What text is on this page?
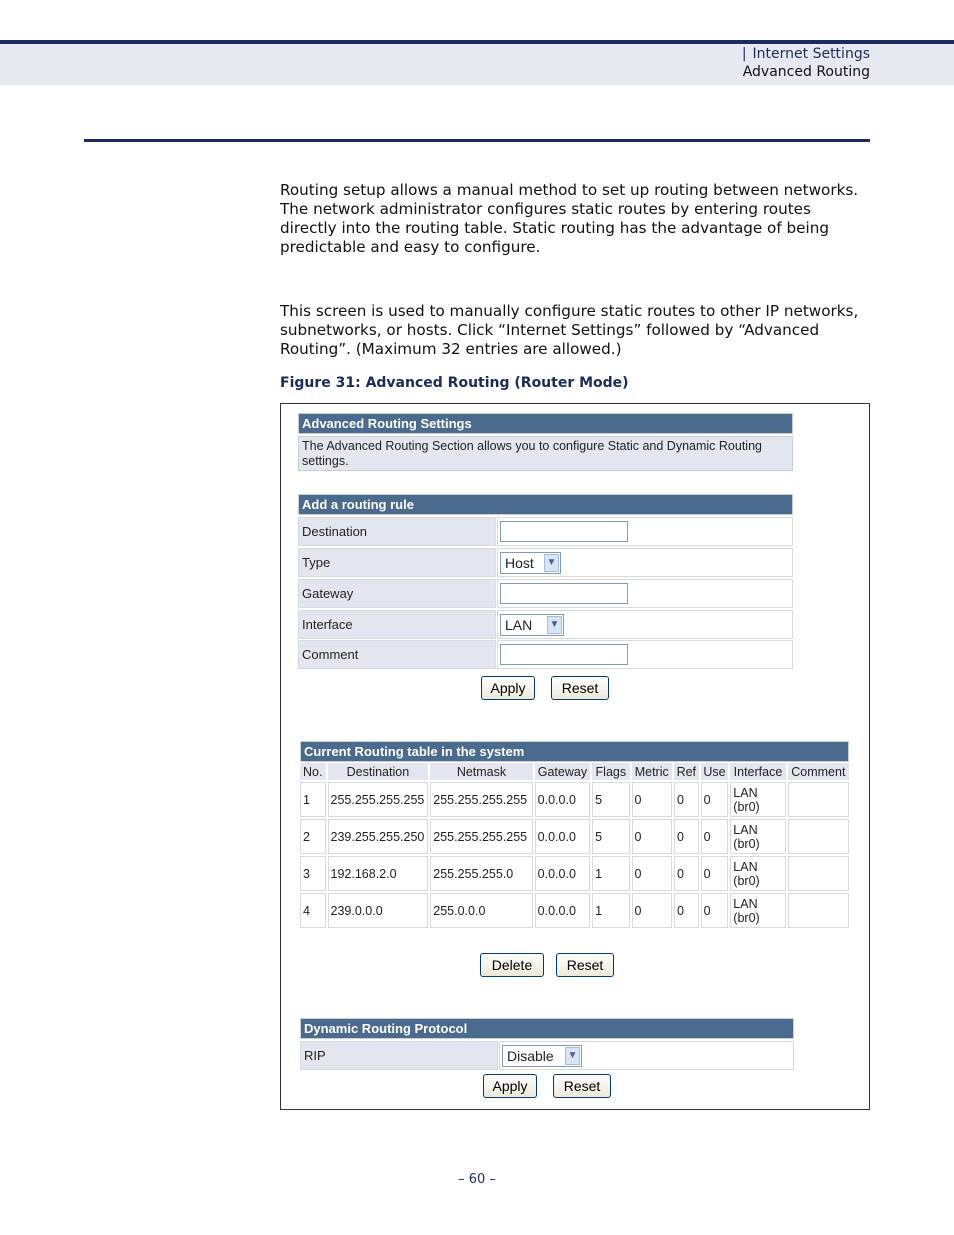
| Internet Settings
Advanced Routing

Routing setup allows a manual method to set up routing between networks. The network administrator configures static routes by entering routes directly into the routing table. Static routing has the advantage of being predictable and easy to configure.

This screen is used to manually configure static routes to other IP networks, subnetworks, or hosts. Click “Internet Settings” followed by “Advanced Routing”. (Maximum 32 entries are allowed.)

Figure 31: Advanced Routing (Router Mode)
Advanced Routing Settings
The Advanced Routing Section allows you to configure Static and Dynamic Routing settings.
Add a routing rule
Destination
Type	Host ▼
Gateway
Interface	LAN ▼
Comment
Apply	Reset
Current Routing table in the system
No.	Destination	Netmask	Gateway	Flags	Metric	Ref	Use	Interface	Comment
1	255.255.255.255	255.255.255.255	0.0.0.0	5	0	0	0	LAN
(br0)	
2	239.255.255.250	255.255.255.255	0.0.0.0	5	0	0	0	LAN
(br0)	
3	192.168.2.0	255.255.255.0	0.0.0.0	1	0	0	0	LAN
(br0)	
4	239.0.0.0	255.0.0.0	0.0.0.0	1	0	0	0	LAN
(br0)	
Delete	Reset
Dynamic Routing Protocol
RIP	Disable ▼
Apply	Reset
– 60 –
